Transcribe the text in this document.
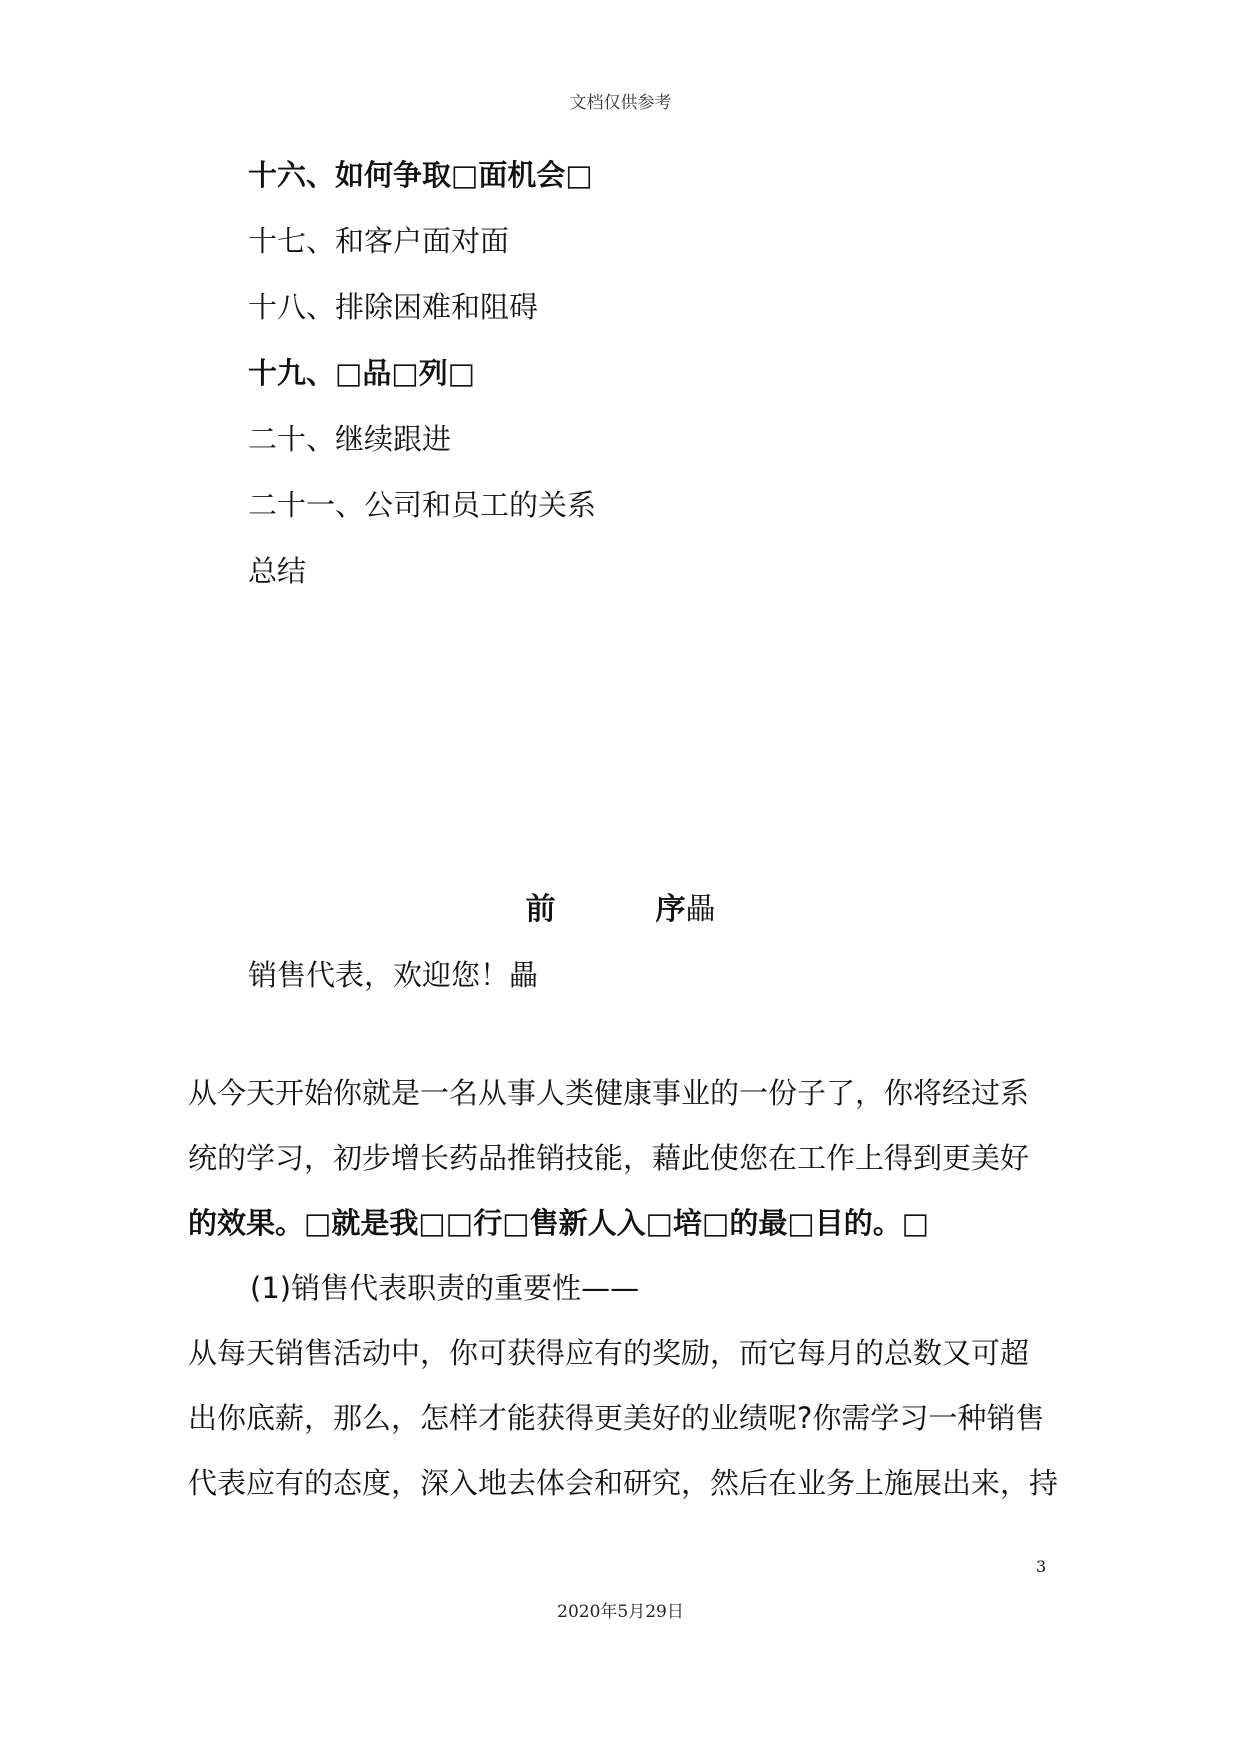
文档仅供参考
十六、如何争取□面机会□
十七、和客户面对面
十八、排除困难和阻碍
十九、□品□列□
二十、继续跟进
二十一、公司和员工的关系
总结
前	序畾
销售代表，欢迎您！畾
从今天开始你就是一名从事人类健康事业的一份子了，你将经过系
统的学习，初步增长药品推销技能，藉此使您在工作上得到更美好
的效果。□就是我□□行□售新人入□培□的最□目的。□
(1)销售代表职责的重要性——
从每天销售活动中，你可获得应有的奖励，而它每月的总数又可超
出你底薪，那么，怎样才能获得更美好的业绩呢?你需学习一种销售
代表应有的态度，深入地去体会和研究，然后在业务上施展出来，持
3
2020年5月29日
